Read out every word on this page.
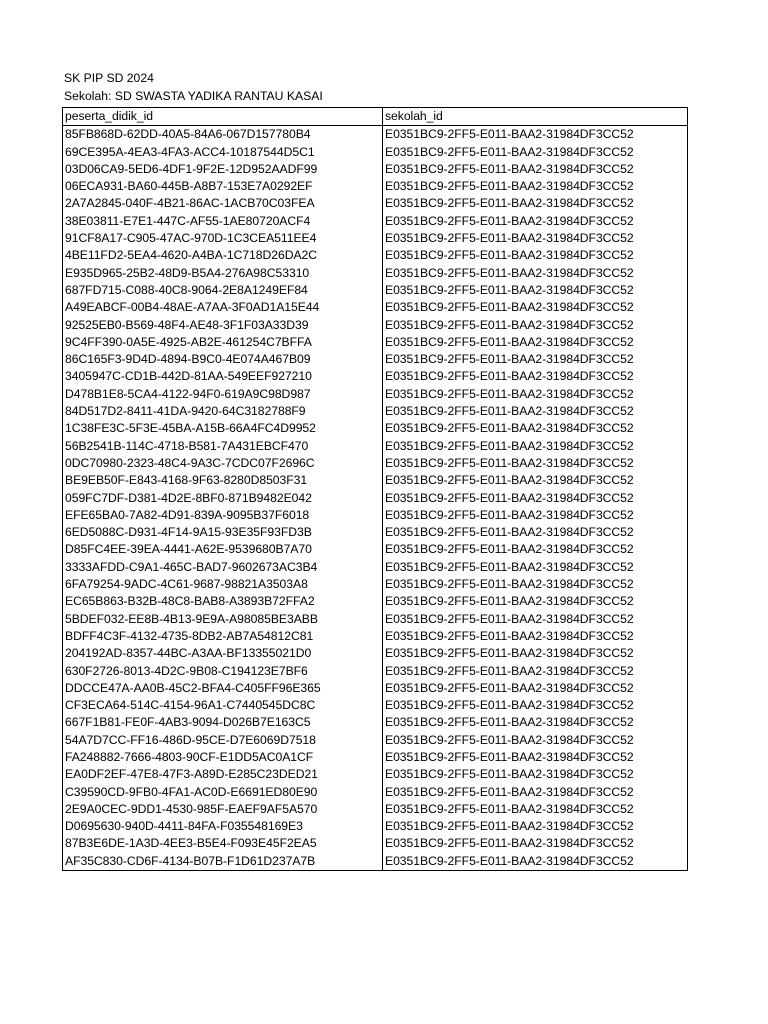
SK PIP SD 2024
Sekolah: SD SWASTA YADIKA RANTAU KASAI
peserta_didik_id	sekolah_id
85FB868D-62DD-40A5-84A6-067D157780B4	E0351BC9-2FF5-E011-BAA2-31984DF3CC52
69CE395A-4EA3-4FA3-ACC4-10187544D5C1	E0351BC9-2FF5-E011-BAA2-31984DF3CC52
03D06CA9-5ED6-4DF1-9F2E-12D952AADF99	E0351BC9-2FF5-E011-BAA2-31984DF3CC52
06ECA931-BA60-445B-A8B7-153E7A0292EF	E0351BC9-2FF5-E011-BAA2-31984DF3CC52
2A7A2845-040F-4B21-86AC-1ACB70C03FEA	E0351BC9-2FF5-E011-BAA2-31984DF3CC52
38E03811-E7E1-447C-AF55-1AE80720ACF4	E0351BC9-2FF5-E011-BAA2-31984DF3CC52
91CF8A17-C905-47AC-970D-1C3CEA511EE4	E0351BC9-2FF5-E011-BAA2-31984DF3CC52
4BE11FD2-5EA4-4620-A4BA-1C718D26DA2C	E0351BC9-2FF5-E011-BAA2-31984DF3CC52
E935D965-25B2-48D9-B5A4-276A98C53310	E0351BC9-2FF5-E011-BAA2-31984DF3CC52
687FD715-C088-40C8-9064-2E8A1249EF84	E0351BC9-2FF5-E011-BAA2-31984DF3CC52
A49EABCF-00B4-48AE-A7AA-3F0AD1A15E44	E0351BC9-2FF5-E011-BAA2-31984DF3CC52
92525EB0-B569-48F4-AE48-3F1F03A33D39	E0351BC9-2FF5-E011-BAA2-31984DF3CC52
9C4FF390-0A5E-4925-AB2E-461254C7BFFA	E0351BC9-2FF5-E011-BAA2-31984DF3CC52
86C165F3-9D4D-4894-B9C0-4E074A467B09	E0351BC9-2FF5-E011-BAA2-31984DF3CC52
3405947C-CD1B-442D-81AA-549EEF927210	E0351BC9-2FF5-E011-BAA2-31984DF3CC52
D478B1E8-5CA4-4122-94F0-619A9C98D987	E0351BC9-2FF5-E011-BAA2-31984DF3CC52
84D517D2-8411-41DA-9420-64C3182788F9	E0351BC9-2FF5-E011-BAA2-31984DF3CC52
1C38FE3C-5F3E-45BA-A15B-66A4FC4D9952	E0351BC9-2FF5-E011-BAA2-31984DF3CC52
56B2541B-114C-4718-B581-7A431EBCF470	E0351BC9-2FF5-E011-BAA2-31984DF3CC52
0DC70980-2323-48C4-9A3C-7CDC07F2696C	E0351BC9-2FF5-E011-BAA2-31984DF3CC52
BE9EB50F-E843-4168-9F63-8280D8503F31	E0351BC9-2FF5-E011-BAA2-31984DF3CC52
059FC7DF-D381-4D2E-8BF0-871B9482E042	E0351BC9-2FF5-E011-BAA2-31984DF3CC52
EFE65BA0-7A82-4D91-839A-9095B37F6018	E0351BC9-2FF5-E011-BAA2-31984DF3CC52
6ED5088C-D931-4F14-9A15-93E35F93FD3B	E0351BC9-2FF5-E011-BAA2-31984DF3CC52
D85FC4EE-39EA-4441-A62E-9539680B7A70	E0351BC9-2FF5-E011-BAA2-31984DF3CC52
3333AFDD-C9A1-465C-BAD7-9602673AC3B4	E0351BC9-2FF5-E011-BAA2-31984DF3CC52
6FA79254-9ADC-4C61-9687-98821A3503A8	E0351BC9-2FF5-E011-BAA2-31984DF3CC52
EC65B863-B32B-48C8-BAB8-A3893B72FFA2	E0351BC9-2FF5-E011-BAA2-31984DF3CC52
5BDEF032-EE8B-4B13-9E9A-A98085BE3ABB	E0351BC9-2FF5-E011-BAA2-31984DF3CC52
BDFF4C3F-4132-4735-8DB2-AB7A54812C81	E0351BC9-2FF5-E011-BAA2-31984DF3CC52
204192AD-8357-44BC-A3AA-BF13355021D0	E0351BC9-2FF5-E011-BAA2-31984DF3CC52
630F2726-8013-4D2C-9B08-C194123E7BF6	E0351BC9-2FF5-E011-BAA2-31984DF3CC52
DDCCE47A-AA0B-45C2-BFA4-C405FF96E365	E0351BC9-2FF5-E011-BAA2-31984DF3CC52
CF3ECA64-514C-4154-96A1-C7440545DC8C	E0351BC9-2FF5-E011-BAA2-31984DF3CC52
667F1B81-FE0F-4AB3-9094-D026B7E163C5	E0351BC9-2FF5-E011-BAA2-31984DF3CC52
54A7D7CC-FF16-486D-95CE-D7E6069D7518	E0351BC9-2FF5-E011-BAA2-31984DF3CC52
FA248882-7666-4803-90CF-E1DD5AC0A1CF	E0351BC9-2FF5-E011-BAA2-31984DF3CC52
EA0DF2EF-47E8-47F3-A89D-E285C23DED21	E0351BC9-2FF5-E011-BAA2-31984DF3CC52
C39590CD-9FB0-4FA1-AC0D-E6691ED80E90	E0351BC9-2FF5-E011-BAA2-31984DF3CC52
2E9A0CEC-9DD1-4530-985F-EAEF9AF5A570	E0351BC9-2FF5-E011-BAA2-31984DF3CC52
D0695630-940D-4411-84FA-F035548169E3	E0351BC9-2FF5-E011-BAA2-31984DF3CC52
87B3E6DE-1A3D-4EE3-B5E4-F093E45F2EA5	E0351BC9-2FF5-E011-BAA2-31984DF3CC52
AF35C830-CD6F-4134-B07B-F1D61D237A7B	E0351BC9-2FF5-E011-BAA2-31984DF3CC52
